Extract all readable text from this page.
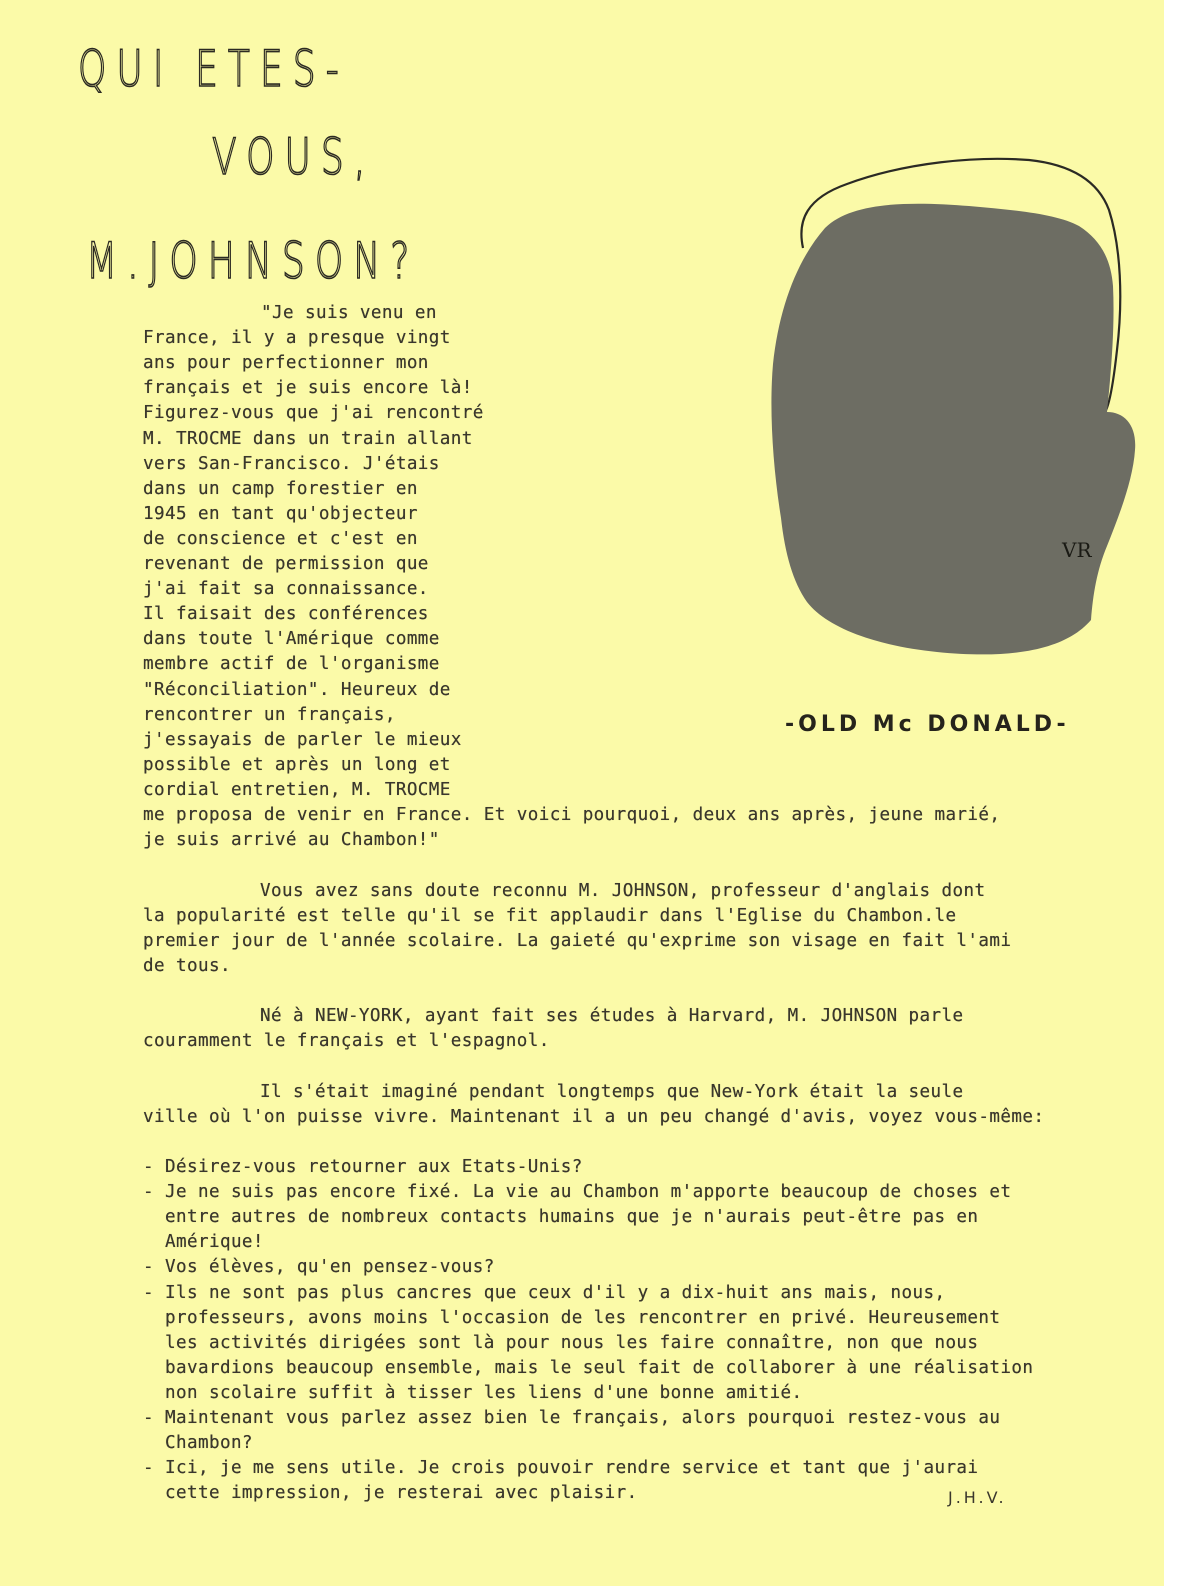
QUI ETES-
VOUS,
M.JOHNSON?
VR
-OLD Mc DONALD-
"Je suis venu en
France, il y a presque vingt
ans pour perfectionner mon
français et je suis encore là!
Figurez-vous que j'ai rencontré
M. TROCME dans un train allant
vers San-Francisco. J'étais
dans un camp forestier en
1945 en tant qu'objecteur
de conscience et c'est en
revenant de permission que
j'ai fait sa connaissance.
Il faisait des conférences
dans toute l'Amérique comme
membre actif de l'organisme
"Réconciliation". Heureux de
rencontrer un français,
j'essayais de parler le mieux
possible et après un long et
cordial entretien, M. TROCME
me proposa de venir en France. Et voici pourquoi, deux ans après, jeune marié,
je suis arrivé au Chambon!"
Vous avez sans doute reconnu M. JOHNSON, professeur d'anglais dont
la popularité est telle qu'il se fit applaudir dans l'Eglise du Chambon.le
premier jour de l'année scolaire. La gaieté qu'exprime son visage en fait l'ami
de tous.
Né à NEW-YORK, ayant fait ses études à Harvard, M. JOHNSON parle
couramment le français et l'espagnol.
Il s'était imaginé pendant longtemps que New-York était la seule
ville où l'on puisse vivre. Maintenant il a un peu changé d'avis, voyez vous-même:
- Désirez-vous retourner aux Etats-Unis?
- Je ne suis pas encore fixé. La vie au Chambon m'apporte beaucoup de choses et
entre autres de nombreux contacts humains que je n'aurais peut-être pas en
Amérique!
- Vos élèves, qu'en pensez-vous?
- Ils ne sont pas plus cancres que ceux d'il y a dix-huit ans mais, nous,
professeurs, avons moins l'occasion de les rencontrer en privé. Heureusement
les activités dirigées sont là pour nous les faire connaître, non que nous
bavardions beaucoup ensemble, mais le seul fait de collaborer à une réalisation
non scolaire suffit à tisser les liens d'une bonne amitié.
- Maintenant vous parlez assez bien le français, alors pourquoi restez-vous au
Chambon?
- Ici, je me sens utile. Je crois pouvoir rendre service et tant que j'aurai
cette impression, je resterai avec plaisir.	J.H.V.
